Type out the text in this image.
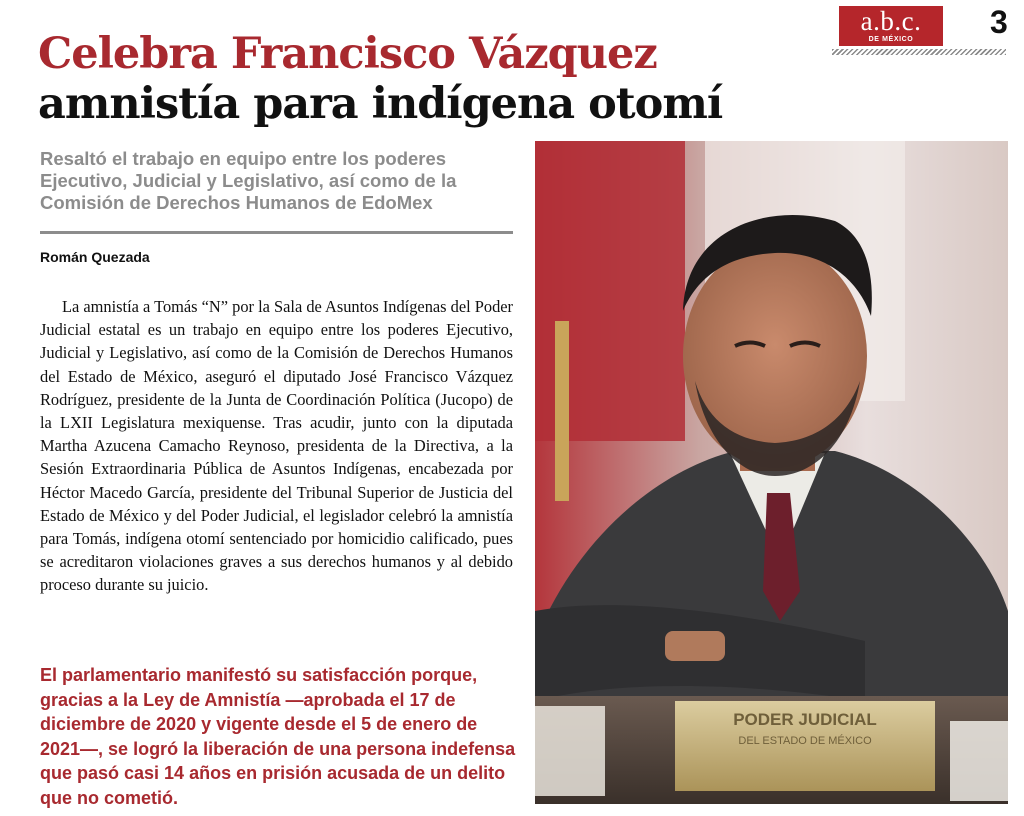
a.b.c.
DE MÉXICO	3
Celebra Francisco Vázquez
amnistía para indígena otomí

Resaltó el trabajo en equipo entre los poderes Ejecutivo, Judicial y Legislativo, así como de la Comisión de Derechos Humanos de EdoMex

Román Quezada

La amnistía a Tomás “N” por la Sala de Asuntos Indígenas del Poder Judicial estatal es un trabajo en equipo entre los poderes Ejecutivo, Judicial y Legislativo, así como de la Comisión de Derechos Humanos del Estado de México, aseguró el diputado José Francisco Vázquez Rodríguez, presidente de la Junta de Coordinación Política (Jucopo) de la LXII Legislatura mexiquense. Tras acudir, junto con la diputada Martha Azucena Camacho Reynoso, presidenta de la Directiva, a la Sesión Extraordinaria Pública de Asuntos Indígenas, encabezada por Héctor Macedo García, presidente del Tribunal Superior de Justicia del Estado de México y del Poder Judicial, el legislador celebró la amnistía para Tomás, indígena otomí sentenciado por homicidio calificado, pues se acreditaron violaciones graves a sus derechos humanos y al debido proceso durante su juicio.

El parlamentario manifestó su satisfacción porque, gracias a la Ley de Amnistía —aprobada el 17 de diciembre de 2020 y vigente desde el 5 de enero de 2021—, se logró la liberación de una persona indefensa que pasó casi 14 años en prisión acusada de un delito que no cometió.

PODER JUDICIAL
DEL ESTADO DE MÉXICO
